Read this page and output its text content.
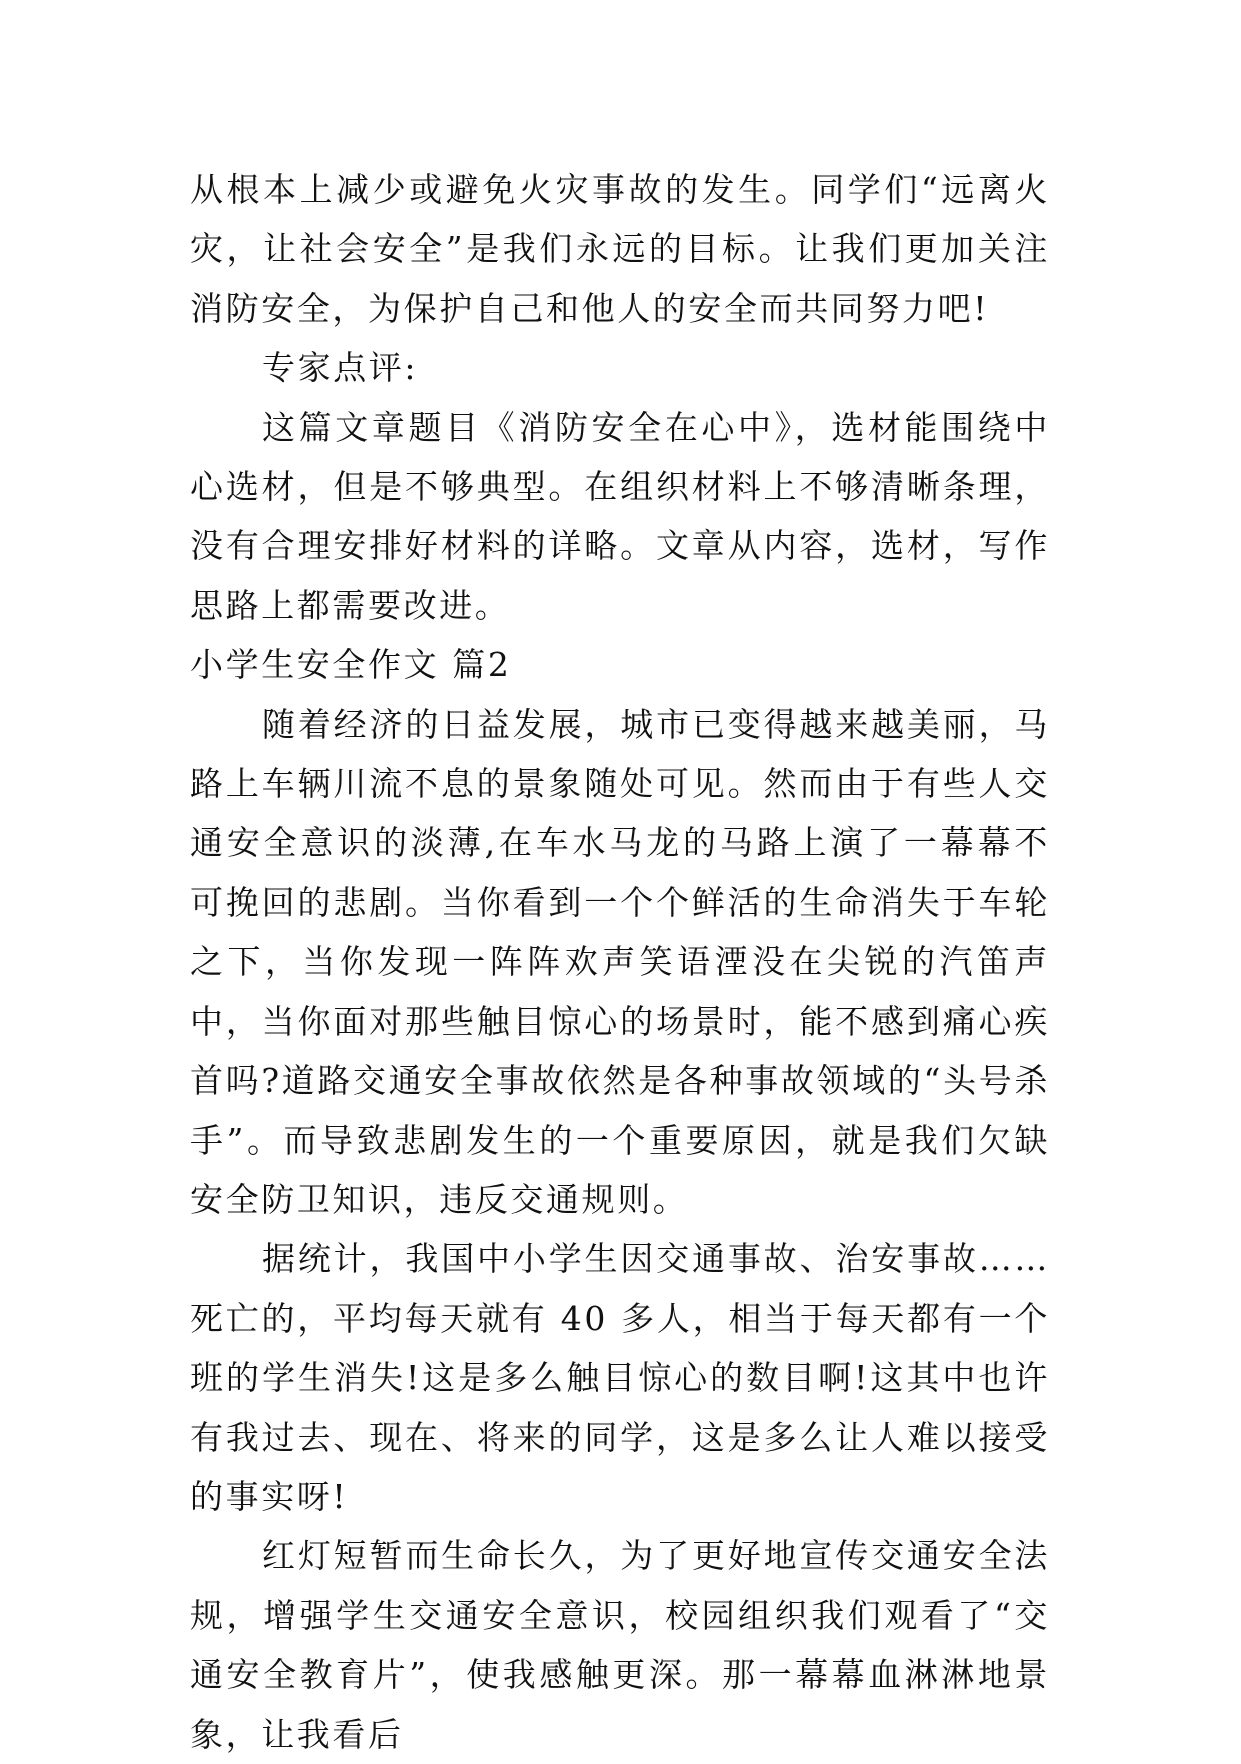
从根本上减少或避免火灾事故的发生。同学们“远离火灾，让社会安全”是我们永远的目标。让我们更加关注消防安全，为保护自己和他人的安全而共同努力吧!

专家点评:

这篇文章题目《消防安全在心中》，选材能围绕中心选材，但是不够典型。在组织材料上不够清晰条理，没有合理安排好材料的详略。文章从内容，选材，写作思路上都需要改进。

小学生安全作文 篇2

随着经济的日益发展，城市已变得越来越美丽，马路上车辆川流不息的景象随处可见。然而由于有些人交通安全意识的淡薄,在车水马龙的马路上演了一幕幕不可挽回的悲剧。当你看到一个个鲜活的生命消失于车轮之下，当你发现一阵阵欢声笑语湮没在尖锐的汽笛声中，当你面对那些触目惊心的场景时，能不感到痛心疾首吗?道路交通安全事故依然是各种事故领域的“头号杀手”。而导致悲剧发生的一个重要原因，就是我们欠缺安全防卫知识，违反交通规则。

据统计，我国中小学生因交通事故、治安事故……死亡的，平均每天就有 40 多人，相当于每天都有一个班的学生消失!这是多么触目惊心的数目啊!这其中也许有我过去、现在、将来的同学，这是多么让人难以接受的事实呀!

红灯短暂而生命长久，为了更好地宣传交通安全法规，增强学生交通安全意识，校园组织我们观看了“交通安全教育片”，使我感触更深。那一幕幕血淋淋地景象，让我看后
